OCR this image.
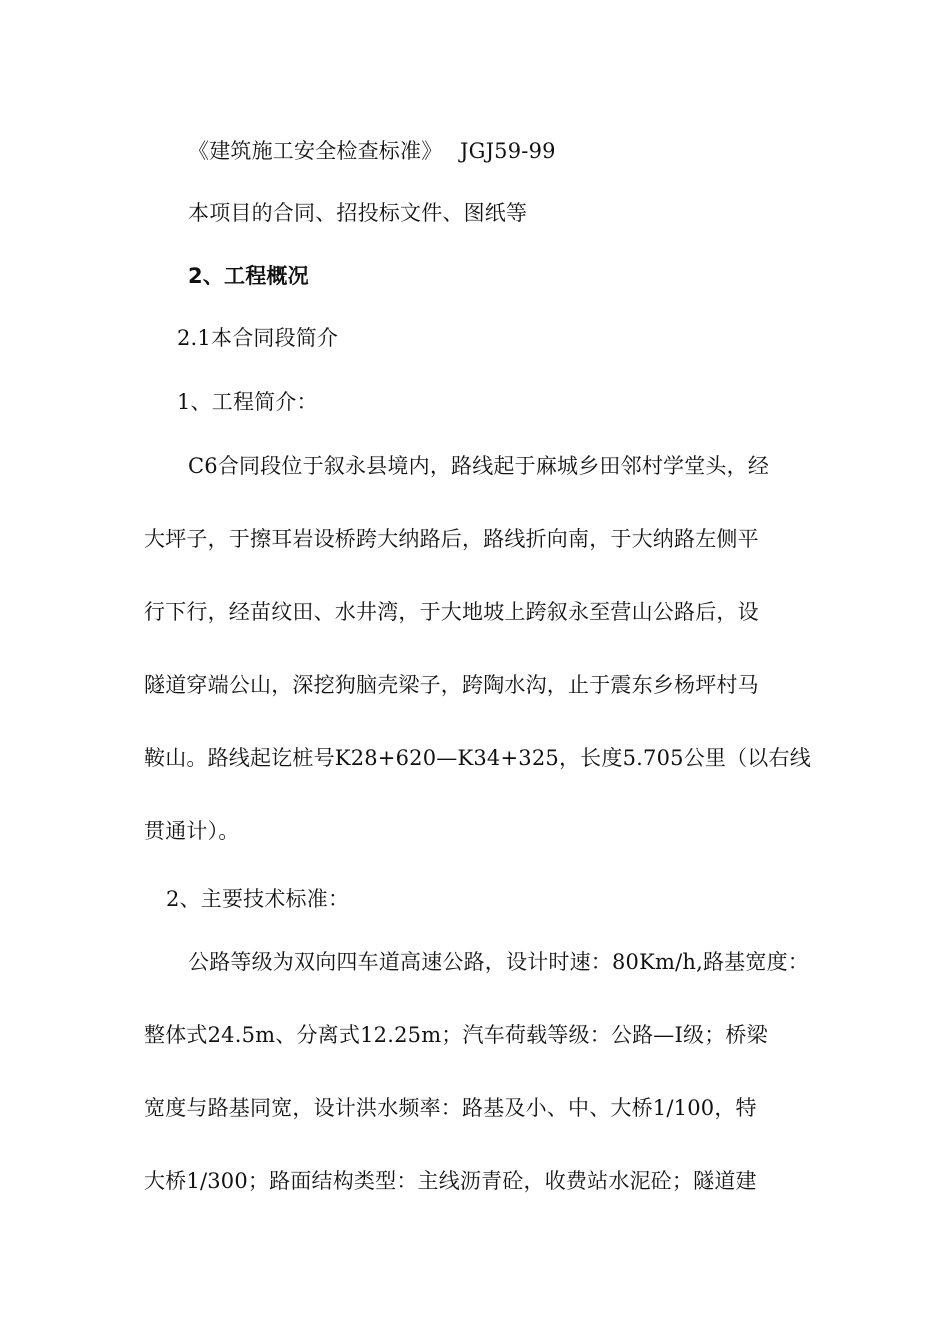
《建筑施工安全检查标准》　 JGJ59-99
本项目的合同、招投标文件、图纸等
2、工程概况
2.1本合同段简介
1、工程简介：
C6合同段位于叙永县境内，路线起于麻城乡田邻村学堂头，经
大坪子，于擦耳岩设桥跨大纳路后，路线折向南，于大纳路左侧平
行下行，经苗纹田、水井湾，于大地坡上跨叙永至营山公路后，设
隧道穿端公山，深挖狗脑壳梁子，跨陶水沟，止于震东乡杨坪村马
鞍山。路线起讫桩号K28+620—K34+325，长度5.705公里（以右线
贯通计）。
2、主要技术标准：
公路等级为双向四车道高速公路，设计时速：80Km/h,路基宽度：
整体式24.5m、分离式12.25m；汽车荷载等级：公路—Ⅰ级；桥梁
宽度与路基同宽，设计洪水频率：路基及小、中、大桥1/100，特
大桥1/300；路面结构类型：主线沥青砼，收费站水泥砼；隧道建
